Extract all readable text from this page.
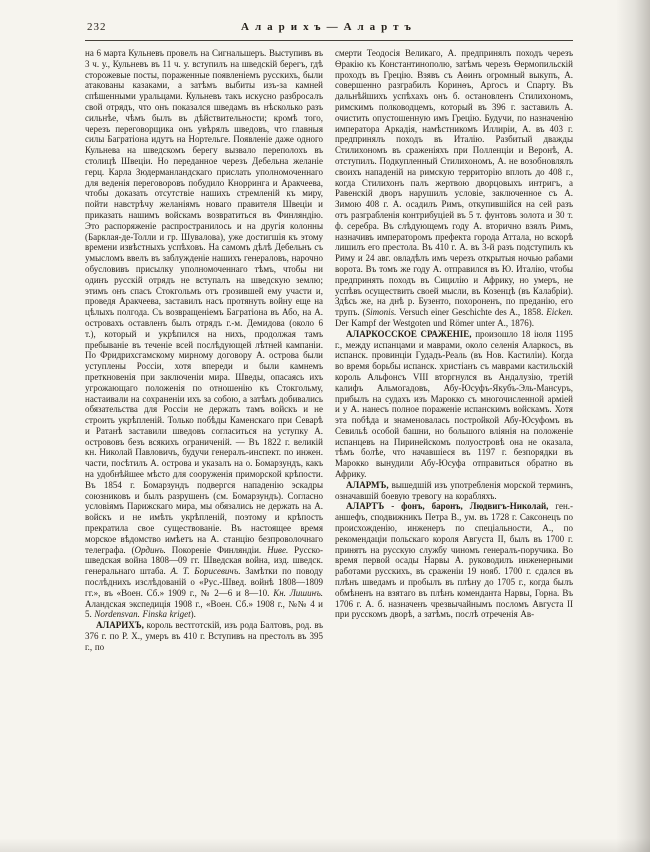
232	Аларихъ—Алартъ

на 6 марта Кульневъ провелъ на Сигнальшеръ. Выступивъ въ 3 ч. у., Кульневъ въ 11 ч. у. вступилъ на шведскій берегъ, гдѣ сторожевые посты, пораженные появленіемъ русскихъ, были атакованы казаками, а затѣмъ выбиты изъ-за камней спѣшенными уральцами. Кульневъ такъ искусно разбросалъ свой отрядъ, что онъ показался шведамъ въ нѣсколько разъ сильнѣе, чѣмъ былъ въ дѣйствительности; кромѣ того, черезъ переговорщика онъ увѣрялъ шведовъ, что главныя силы Багратіона идутъ на Нортельге. Появленіе даже одного Кульнева на шведскомъ берегу вызвало переполохъ въ столицѣ Швеціи. Но переданное черезъ Дебельна желаніе герц. Карла Зюдерманландскаго прислать уполномоченнаго для веденія переговоровъ побудило Кнорринга и Аракчеева, чтобы доказать отсутствіе нашихъ стремленій къ миру, пойти навстрѣчу желаніямъ новаго правителя Швеціи и приказать нашимъ войскамъ возвратиться въ Финляндію. Это распоряженіе распространилось и на другія колонны (Барклая-де-Толли и гр. Шувалова), уже достигшія къ этому времени извѣстныхъ успѣховъ. На самомъ дѣлѣ Дебельнъ съ умысломъ ввелъ въ заблужденіе нашихъ генераловъ, нарочно обусловивъ присылку уполномоченнаго тѣмъ, чтобы ни одинъ русскій отрядъ не вступалъ на шведскую землю; этимъ онъ спасъ Стокгольмъ отъ грозившей ему участи и, проведя Аракчеева, заставилъ насъ протянуть войну еще на цѣлыхъ полгода. Съ возвращеніемъ Багратіона въ Або, на А. островахъ оставленъ былъ отрядъ г.-м. Демидова (около 6 т.), который и укрѣпился на нихъ, продолжая тамъ пребываніе въ теченіе всей послѣдующей лѣтней кампаніи. По Фридрихсгамскому мирному договору А. острова были уступлены Россіи, хотя впереди и были камнемъ преткновенія при заключеніи мира. Шведы, опасаясь ихъ угрожающаго положенія по отношенію къ Стокгольму, настаивали на сохраненіи ихъ за собою, а затѣмъ добивались обязательства для Россіи не держать тамъ войскъ и не строить укрѣпленій. Только побѣды Каменскаго при Севарѣ и Ратанѣ заставили шведовъ согласиться на уступку А. острововъ безъ всякихъ ограниченій. — Въ 1822 г. великій кн. Николай Павловичъ, будучи генералъ-инспект. по инжен. части, посѣтилъ А. острова и указалъ на о. Бомарзундъ, какъ на удобнѣйшее мѣсто для сооруженія приморской крѣпости. Въ 1854 г. Бомарзундъ подвергся нападенію эскадры союзниковъ и былъ разрушенъ (см. Бомарзундъ). Согласно условіямъ Парижскаго мира, мы обязались не держать на А. войскъ и не имѣть укрѣпленій, поэтому и крѣпость прекратила свое существованіе. Въ настоящее время морское вѣдомство имѣетъ на А. станцію безпроволочнаго телеграфа. (Ординъ. Покореніе Финляндіи. Ниве. Русско-шведская война 1808—09 гг. Шведская война, изд. шведск. генеральнаго штаба. А. Т. Борисевичъ. Замѣтки по поводу послѣднихъ изслѣдованій о «Рус.-Швед. войнѣ 1808—1809 гг.», въ «Воен. Сб.» 1909 г., № 2—6 и 8—10. Кн. Лишинъ. Аландская экспедиція 1908 г., «Воен. Сб.» 1908 г., №№ 4 и 5. Nordensvan. Finska kriget).

АЛАРИХЪ, король вестготскій, изъ рода Балтовъ, род. въ 376 г. по Р. Х., умеръ въ 410 г. Вступивъ на престолъ въ 395 г., по

смерти Теодосія Великаго, А. предпринялъ походъ черезъ Ѳракію къ Константинополю, затѣмъ черезъ Ѳермопильскій проходъ въ Грецію. Взявъ съ Аѳинъ огромный выкупъ, А. совершенно разграбилъ Коринѳъ, Аргосъ и Спарту. Въ дальнѣйшихъ успѣхахъ онъ б. остановленъ Стилихономъ, римскимъ полководцемъ, который въ 396 г. заставилъ А. очистить опустошенную имъ Грецію. Будучи, по назначенію императора Аркадія, намѣстникомъ Иллиріи, А. въ 403 г. предпринялъ походъ въ Италію. Разбитый дважды Стилихономъ въ сраженіяхъ при Полленціи и Веронѣ, А. отступилъ. Подкупленный Стилихономъ, А. не возобновлялъ своихъ нападеній на римскую территорію вплоть до 408 г., когда Стилихонъ палъ жертвою дворцовыхъ интригъ, а Равенскій дворъ нарушилъ условіе, заключенное съ А. Зимою 408 г. А. осадилъ Римъ, откупившійся на сей разъ отъ разграбленія контрибуціей въ 5 т. фунтовъ золота и 30 т. ф. серебра. Въ слѣдующемъ году А. вторично взялъ Римъ, назначивъ императоромъ префекта города Аттала, но вскорѣ лишилъ его престола. Въ 410 г. А. въ 3-й разъ подступилъ къ Риму и 24 авг. овладѣлъ имъ черезъ открытыя ночью рабами ворота. Въ томъ же году А. отправился въ Ю. Италію, чтобы предпринять походъ въ Сицилію и Африку, но умеръ, не успѣвъ осуществить своей мысли, въ Козенцѣ (въ Калабріи). Здѣсь же, на днѣ р. Бузенто, похороненъ, по преданію, его трупъ. (Simonis. Versuch einer Geschichte des A., 1858. Eicken. Der Kampf der Westgoten und Römer unter A., 1876).

АЛАРКОССКОЕ СРАЖЕНІЕ, произошло 18 іюля 1195 г., между испанцами и маврами, около селенія Аларкосъ, въ испанск. провинціи Гудадъ-Реаль (въ Нов. Кастиліи). Когда во время борьбы испанск. христіанъ съ маврами кастильскій король Альфонсъ VIII вторгнулся въ Андалузію, третій калифъ Альмогадовъ, Абу-Юсуфъ-Якубъ-Эль-Мансуръ, прибылъ на судахъ изъ Марокко съ многочисленной арміей и у А. нанесъ полное пораженіе испанскимъ войскамъ. Хотя эта побѣда и знаменовалась постройкой Абу-Юсуфомъ въ Севильѣ особой башни, но большого вліянія на положеніе испанцевъ на Пиринейскомъ полуостровѣ она не оказала, тѣмъ болѣе, что начавшіеся въ 1197 г. безпорядки въ Марокко вынудили Абу-Юсуфа отправиться обратно въ Африку.

АЛАРМЪ, вышедшій изъ употребленія морской терминъ, означавшій боевую тревогу на корабляхъ.

АЛАРТЪ - фонъ, баронъ, Людвигъ-Николай, ген.-аншефъ, сподвижникъ Петра В., ум. въ 1728 г. Саксонецъ по происхожденію, инженеръ по спеціальности, А., по рекомендаціи польскаго короля Августа II, былъ въ 1700 г. принятъ на русскую службу чиномъ генералъ-поручика. Во время первой осады Нарвы А. руководилъ инженерными работами русскихъ, въ сраженіи 19 нояб. 1700 г. сдался въ плѣнъ шведамъ и пробылъ въ плѣну до 1705 г., когда былъ обмѣненъ на взятаго въ плѣнъ коменданта Нарвы, Горна. Въ 1706 г. А. б. назначенъ чрезвычайнымъ посломъ Августа II при русскомъ дворѣ, а затѣмъ, послѣ отреченія Ав-
